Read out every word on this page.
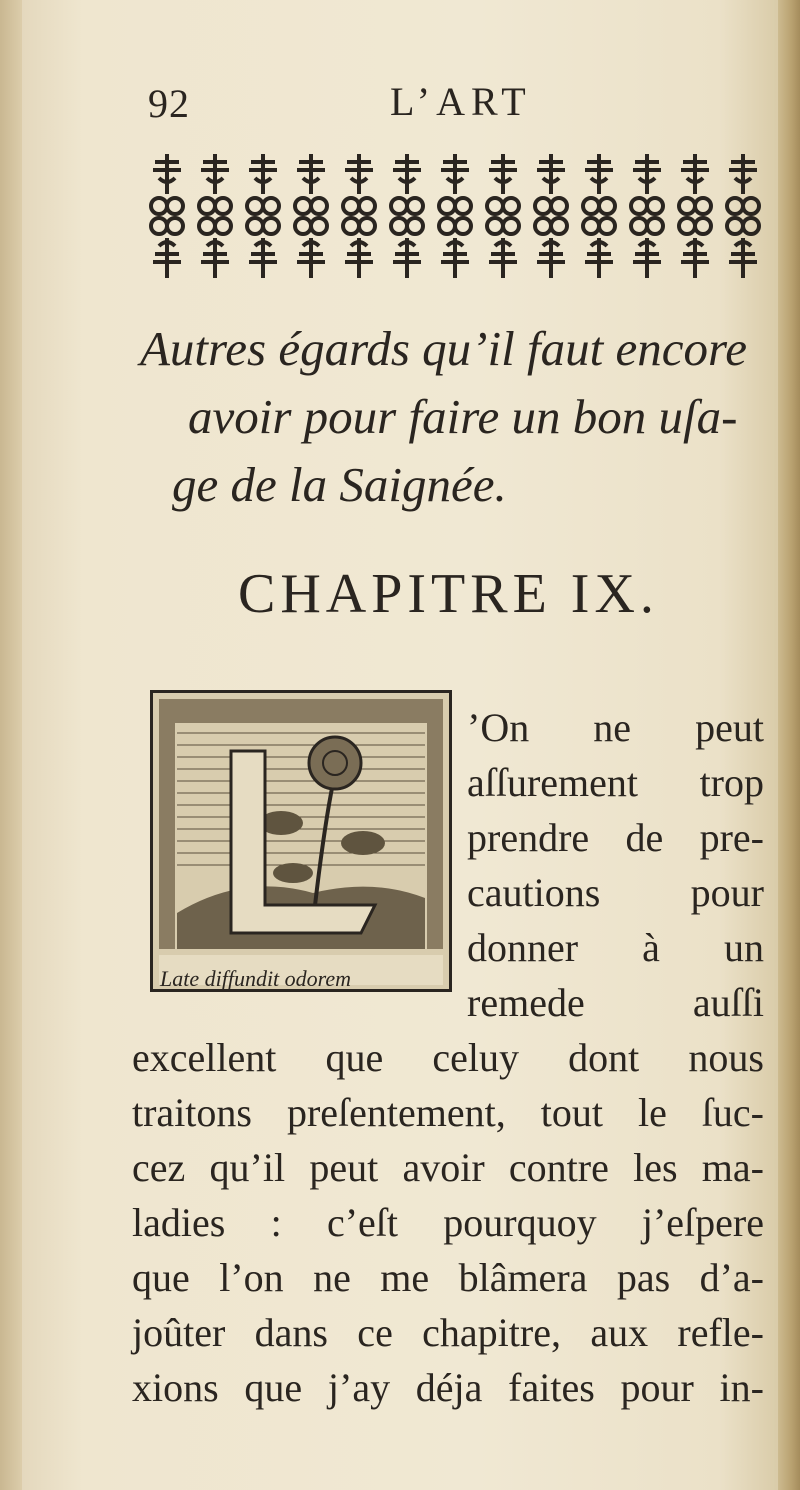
92	L’ART
Autres égards qu’il faut encore
avoir pour faire un bon uſa-
ge de la Saignée.
CHAPITRE IX.
Late diffundit odorem
’On ne peut
aſſurement trop
prendre de pre-
cautions pour
donner à un
remede auſſi
excellent que celuy dont nous
traitons preſentement, tout le ſuc-
cez qu’il peut avoir contre les ma-
ladies : c’eſt pourquoy j’eſpere
que l’on ne me blâmera pas d’a-
joûter dans ce chapitre, aux refle-
xions que j’ay déja faites pour in-
